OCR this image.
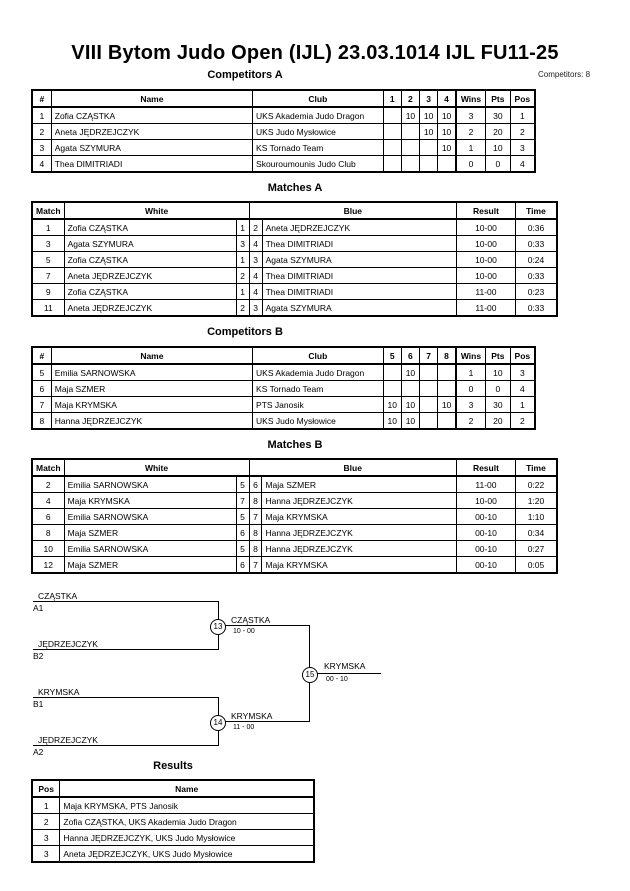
VIII Bytom Judo Open (IJL) 23.03.1014 IJL FU11-25
Competitors: 8
Competitors A
#	Name	Club	1	2	3	4	Wins	Pts	Pos
1	Zofia CZĄSTKA	UKS Akademia Judo Dragon		10	10	10	3	30	1
2	Aneta JĘDRZEJCZYK	UKS Judo Mysłowice			10	10	2	20	2
3	Agata SZYMURA	KS Tornado Team				10	1	10	3
4	Thea DIMITRIADI	Skouroumounis Judo Club					0	0	4
Matches A
Match	White		Blue		Result	Time
1	Zofia CZĄSTKA	1	2	Aneta JĘDRZEJCZYK	10-00	0:36
3	Agata SZYMURA	3	4	Thea DIMITRIADI	10-00	0:33
5	Zofia CZĄSTKA	1	3	Agata SZYMURA	10-00	0:24
7	Aneta JĘDRZEJCZYK	2	4	Thea DIMITRIADI	10-00	0:33
9	Zofia CZĄSTKA	1	4	Thea DIMITRIADI	11-00	0:23
11	Aneta JĘDRZEJCZYK	2	3	Agata SZYMURA	11-00	0:33
Competitors B
#	Name	Club	5	6	7	8	Wins	Pts	Pos
5	Emilia SARNOWSKA	UKS Akademia Judo Dragon		10			1	10	3
6	Maja SZMER	KS Tornado Team					0	0	4
7	Maja KRYMSKA	PTS Janosik	10	10		10	3	30	1
8	Hanna JĘDRZEJCZYK	UKS Judo Mysłowice	10	10			2	20	2
Matches B
Match	White		Blue		Result	Time
2	Emilia SARNOWSKA	5	6	Maja SZMER	11-00	0:22
4	Maja KRYMSKA	7	8	Hanna JĘDRZEJCZYK	10-00	1:20
6	Emilia SARNOWSKA	5	7	Maja KRYMSKA	00-10	1:10
8	Maja SZMER	6	8	Hanna JĘDRZEJCZYK	00-10	0:34
10	Emilia SARNOWSKA	5	8	Hanna JĘDRZEJCZYK	00-10	0:27
12	Maja SZMER	6	7	Maja KRYMSKA	00-10	0:05
CZĄSTKA
A1
JĘDRZEJCZYK
B2
13
CZĄSTKA
10 - 00
KRYMSKA
B1
JĘDRZEJCZYK
A2
14
KRYMSKA
11 - 00
15
KRYMSKA
00 - 10
Results
Pos	Name
1	Maja KRYMSKA, PTS Janosik
2	Zofia CZĄSTKA, UKS Akademia Judo Dragon
3	Hanna JĘDRZEJCZYK, UKS Judo Mysłowice
3	Aneta JĘDRZEJCZYK, UKS Judo Mysłowice
